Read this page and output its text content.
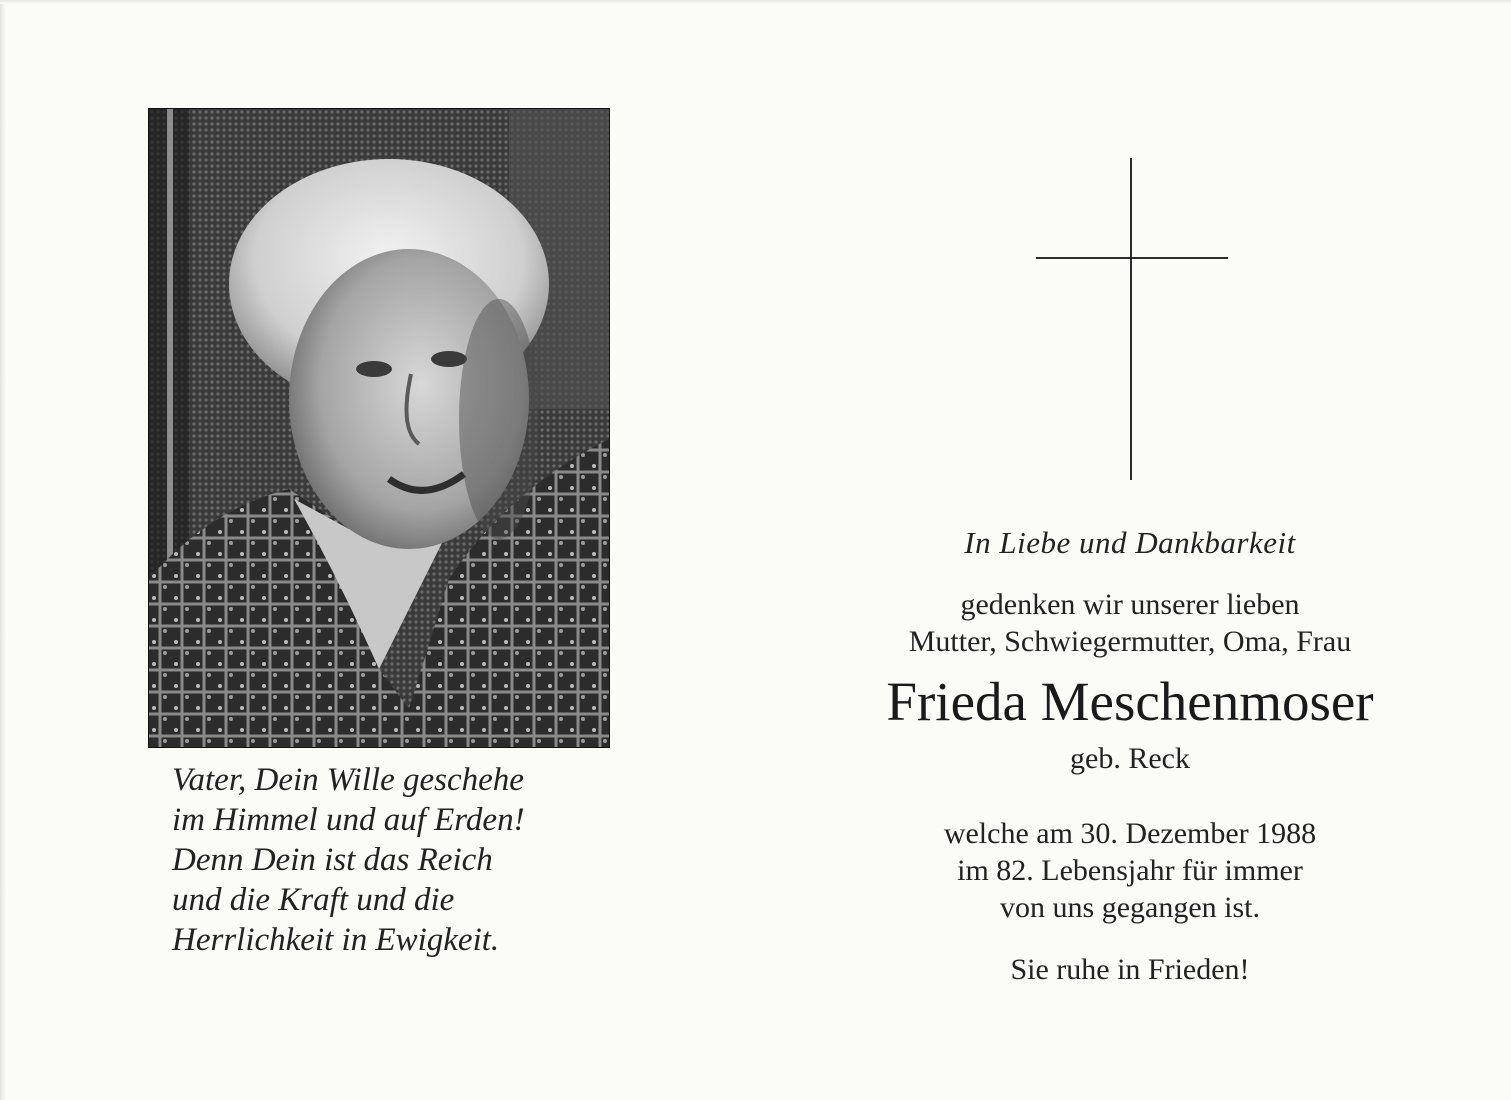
Vater, Dein Wille geschehe
im Himmel und auf Erden!
Denn Dein ist das Reich
und die Kraft und die
Herrlichkeit in Ewigkeit.
In Liebe und Dankbarkeit
gedenken wir unserer lieben
Mutter, Schwiegermutter, Oma, Frau
Frieda Meschenmoser
geb. Reck
welche am 30. Dezember 1988
im 82. Lebensjahr für immer
von uns gegangen ist.
Sie ruhe in Frieden!
